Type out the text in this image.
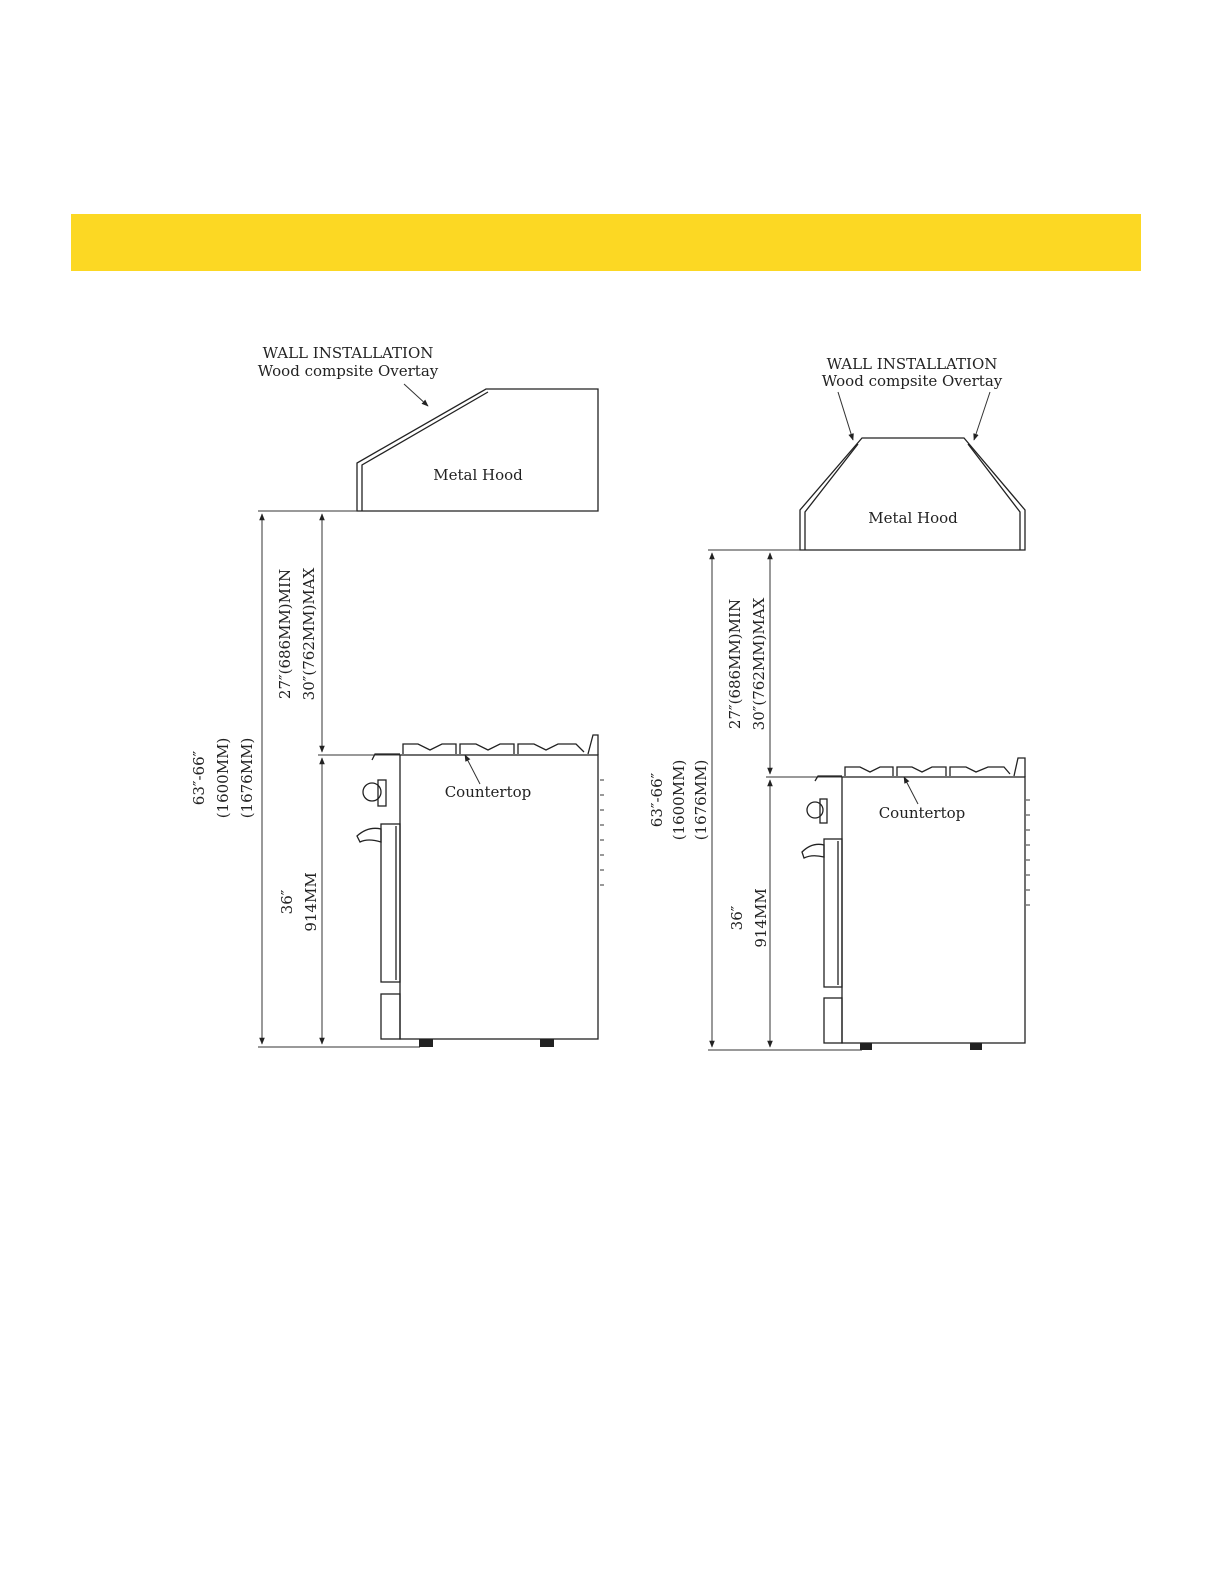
WALL INSTALLATION
Wood compsite Overtay
Metal Hood
63″-66″ (1600MM) (1676MM)
27″(686MM)MIN 30″(762MM)MAX
36″ 914MM
Countertop
WALL INSTALLATION
Wood compsite Overtay
Metal Hood
63″-66″ (1600MM) (1676MM)
27″(686MM)MIN 30″(762MM)MAX
36″ 914MM
Countertop
